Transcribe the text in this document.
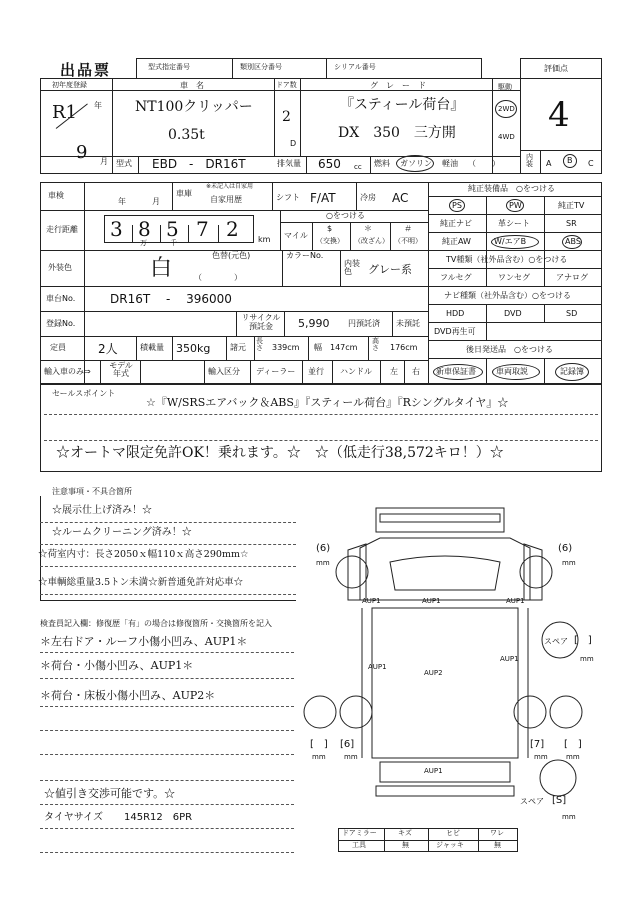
出品票	型式指定番号	類別区分番号	シリアル番号	評価点
初年度登録
R1 年
9 月
車　名
NT100クリッパー
0.35t
ドア数
2
D
グ　レ　ー　ド
『スティール荷台』
DX　350　三方開
駆動
2WD
4WD
4
型式 EBD　-　DR16T	排気量 650 cc 燃料 ガソリン 軽油 （　　）
内装 A B C
車検
年	月
車庫
※未記入は自家用
自家用歴	シフト F/AT	冷房 AC
走行距離 3 8 5 7 2
万	千	km
○をつける
マイル
$
（交換）
＊
（改ざん）
＃
（不明）
外装色	白
色替(元色)
（　　　　）
カラーNo.
内装色	グレー系
車台No.	DR16T　 -　 396000
登録No.
リサイクル預託金	5,990 円預託済 未預託
定員	2人	積載量 350kg 諸元
長さ 339cm 幅 147cm
高さ 176cm
輸入車のみ⇒
モデル年式	輸入区分 ディーラー 並行 ハンドル 左 右
純正装備品　○をつける
PS	PW	純正TV
純正ナビ	革シート	SR
純正AW	W/エアB	ABS
TV種類（社外品含む）○をつける
フルセグ	ワンセグ	アナログ
ナビ種類（社外品含む）○をつける
HDD	DVD	SD
DVD再生可
後日発送品　○をつける
新車保証書	車両取説	記録簿
セールスポイント
☆『W/SRSエアバック＆ABS』『スティール荷台』『Rシングルタイヤ』☆
☆オートマ限定免許OK！乗れます。☆　☆（低走行38,572キロ！）☆
注意事項・不具合箇所
☆展示仕上げ済み！☆
☆ルームクリーニング済み！☆
☆荷室内寸：長さ2050ｘ幅110ｘ高さ290mm☆
☆車輌総重量3.5トン未満☆新普通免許対応車☆
検査員記入欄：修復歴「有」の場合は修復箇所・交換箇所を記入
＊左右ドア・ルーフ小傷小凹み、AUP1＊
＊荷台・小傷小凹み、AUP1＊
＊荷台・床板小傷小凹み、AUP2＊
☆値引き交渉可能です。☆
タイヤサイズ 145R12　6PR
(6)
mm
(6)
mm
AUP1	AUP1	AUP1
AUP1
AUP1
AUP2
AUP1
スペア [　]
mm
[　]
mm
[6]
mm
[7]
mm
[　]
mm
スペア [S]
mm
ドアミラー	キズ	ヒビ	ワレ
工具	無	ジャッキ	無
